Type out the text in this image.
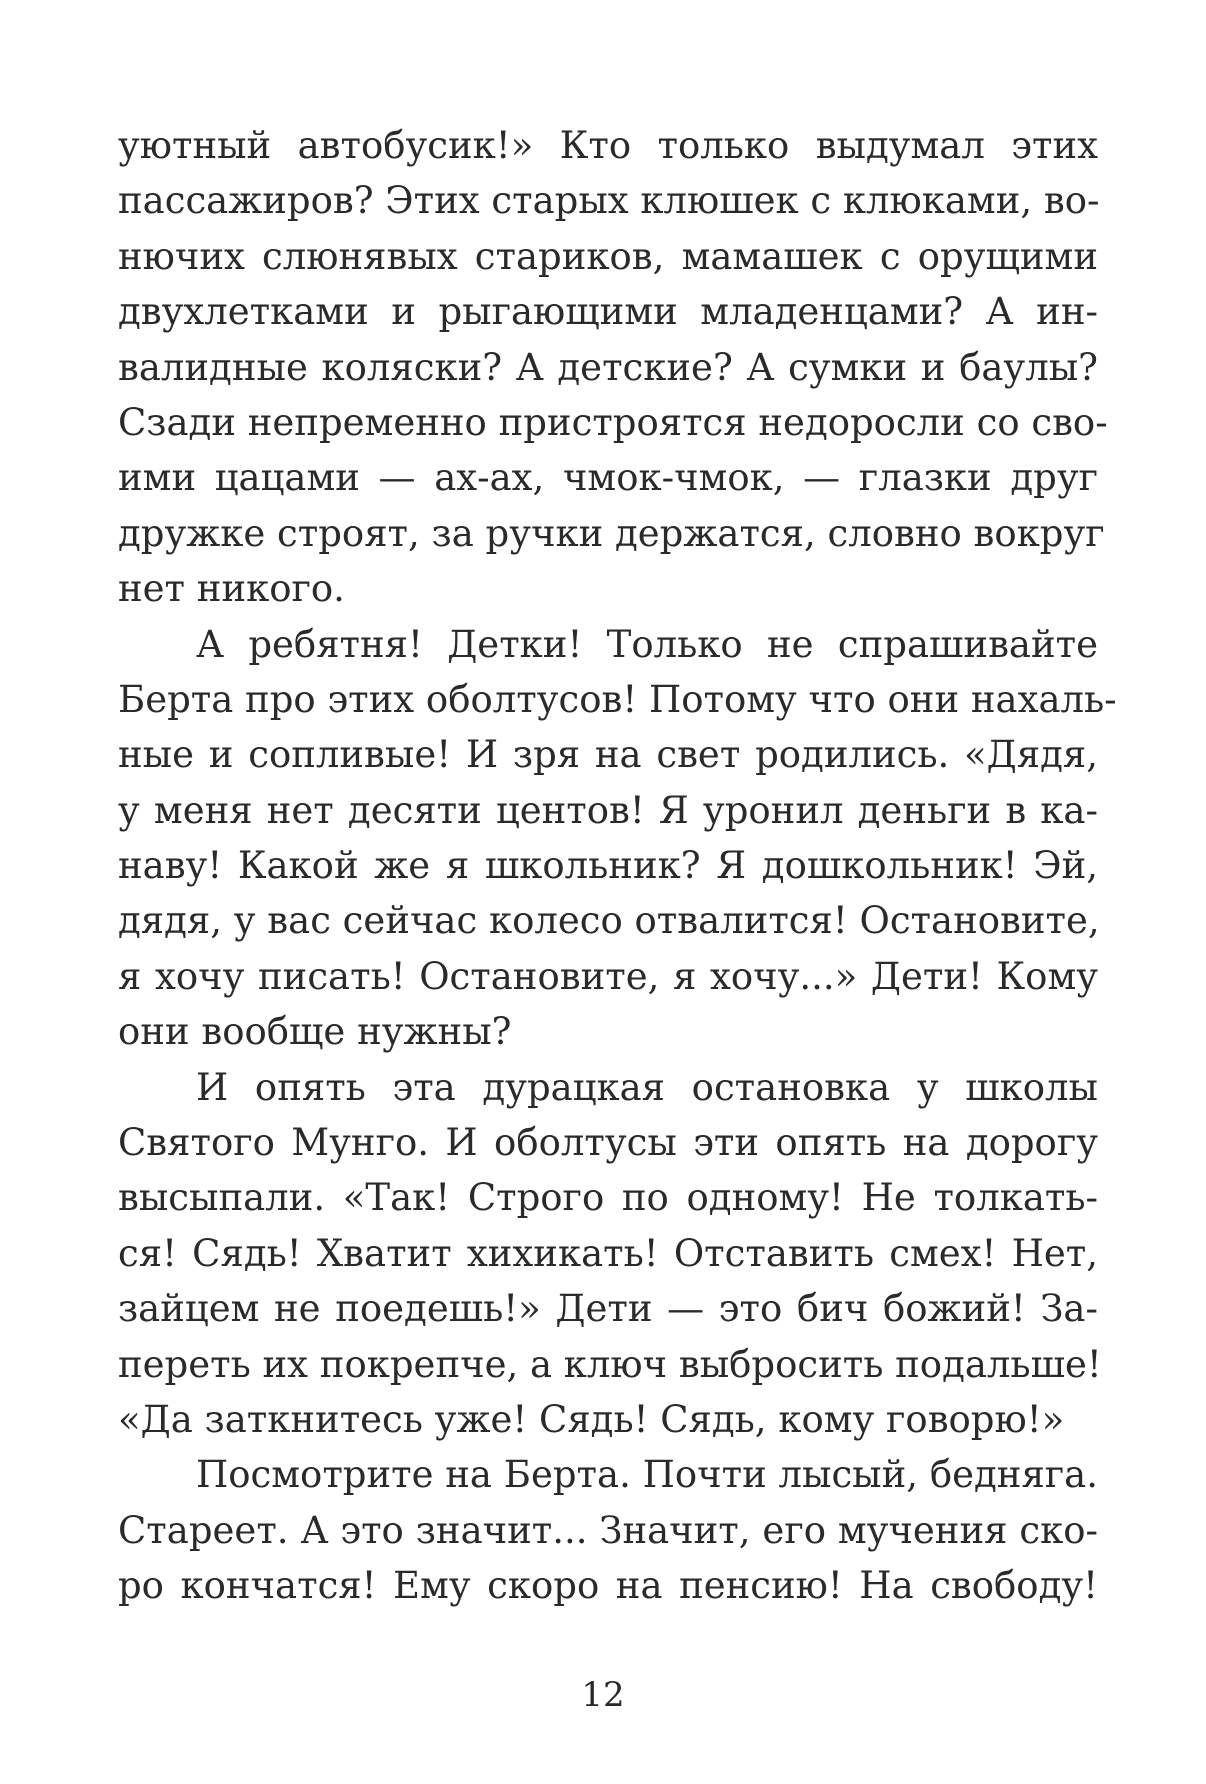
уютный автобусик!» Кто только выдумал этих
пассажиров? Этих старых клюшек с клюками, во-
нючих слюнявых стариков, мамашек с орущими
двухлетками и рыгающими младенцами? А ин-
валидные коляски? А детские? А сумки и баулы?
Сзади непременно пристроятся недоросли со сво-
ими цацами — ах-ах, чмок-чмок, — глазки друг
дружке строят, за ручки держатся, словно вокруг
нет никого.
А ребятня! Детки! Только не спрашивайте
Берта про этих оболтусов! Потому что они нахаль-
ные и сопливые! И зря на свет родились. «Дядя,
у меня нет десяти центов! Я уронил деньги в ка-
наву! Какой же я школьник? Я дошкольник! Эй,
дядя, у вас сейчас колесо отвалится! Остановите,
я хочу писать! Остановите, я хочу...» Дети! Кому
они вообще нужны?
И опять эта дурацкая остановка у школы
Святого Мунго. И оболтусы эти опять на дорогу
высыпали. «Так! Строго по одному! Не толкать-
ся! Сядь! Хватит хихикать! Отставить смех! Нет,
зайцем не поедешь!» Дети — это бич божий! За-
переть их покрепче, а ключ выбросить подальше!
«Да заткнитесь уже! Сядь! Сядь, кому говорю!»
Посмотрите на Берта. Почти лысый, бедняга.
Стареет. А это значит... Значит, его мучения ско-
ро кончатся! Ему скоро на пенсию! На свободу!
12
